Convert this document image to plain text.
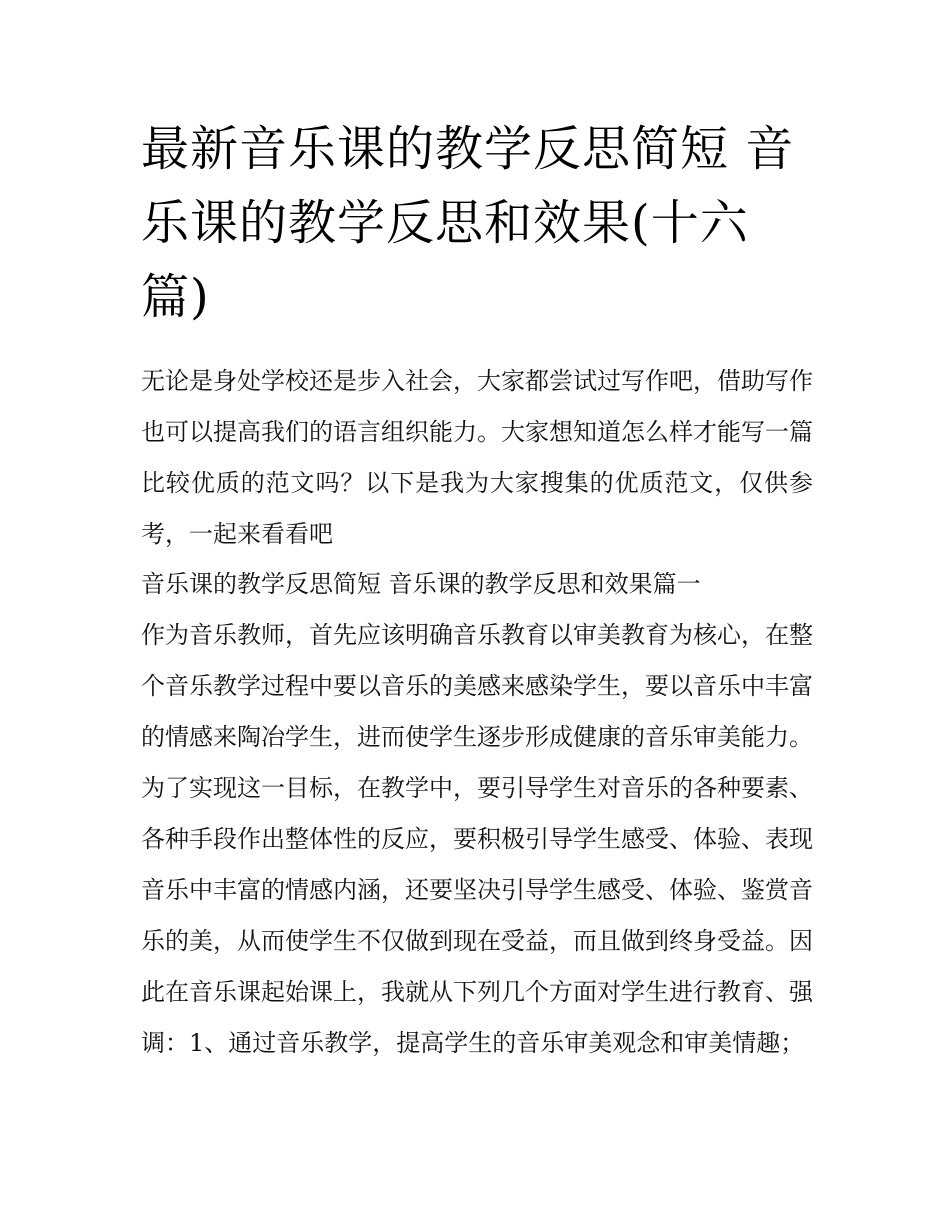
最新音乐课的教学反思简短 音乐课的教学反思和效果(十六篇)

无论是身处学校还是步入社会，大家都尝试过写作吧，借助写作也可以提高我们的语言组织能力。大家想知道怎么样才能写一篇比较优质的范文吗？以下是我为大家搜集的优质范文，仅供参考，一起来看看吧

音乐课的教学反思简短 音乐课的教学反思和效果篇一

作为音乐教师，首先应该明确音乐教育以审美教育为核心，在整个音乐教学过程中要以音乐的美感来感染学生，要以音乐中丰富的情感来陶冶学生，进而使学生逐步形成健康的音乐审美能力。为了实现这一目标，在教学中，要引导学生对音乐的各种要素、各种手段作出整体性的反应，要积极引导学生感受、体验、表现音乐中丰富的情感内涵，还要坚决引导学生感受、体验、鉴赏音乐的美，从而使学生不仅做到现在受益，而且做到终身受益。因此在音乐课起始课上，我就从下列几个方面对学生进行教育、强调：1、通过音乐教学，提高学生的音乐审美观念和审美情趣；
